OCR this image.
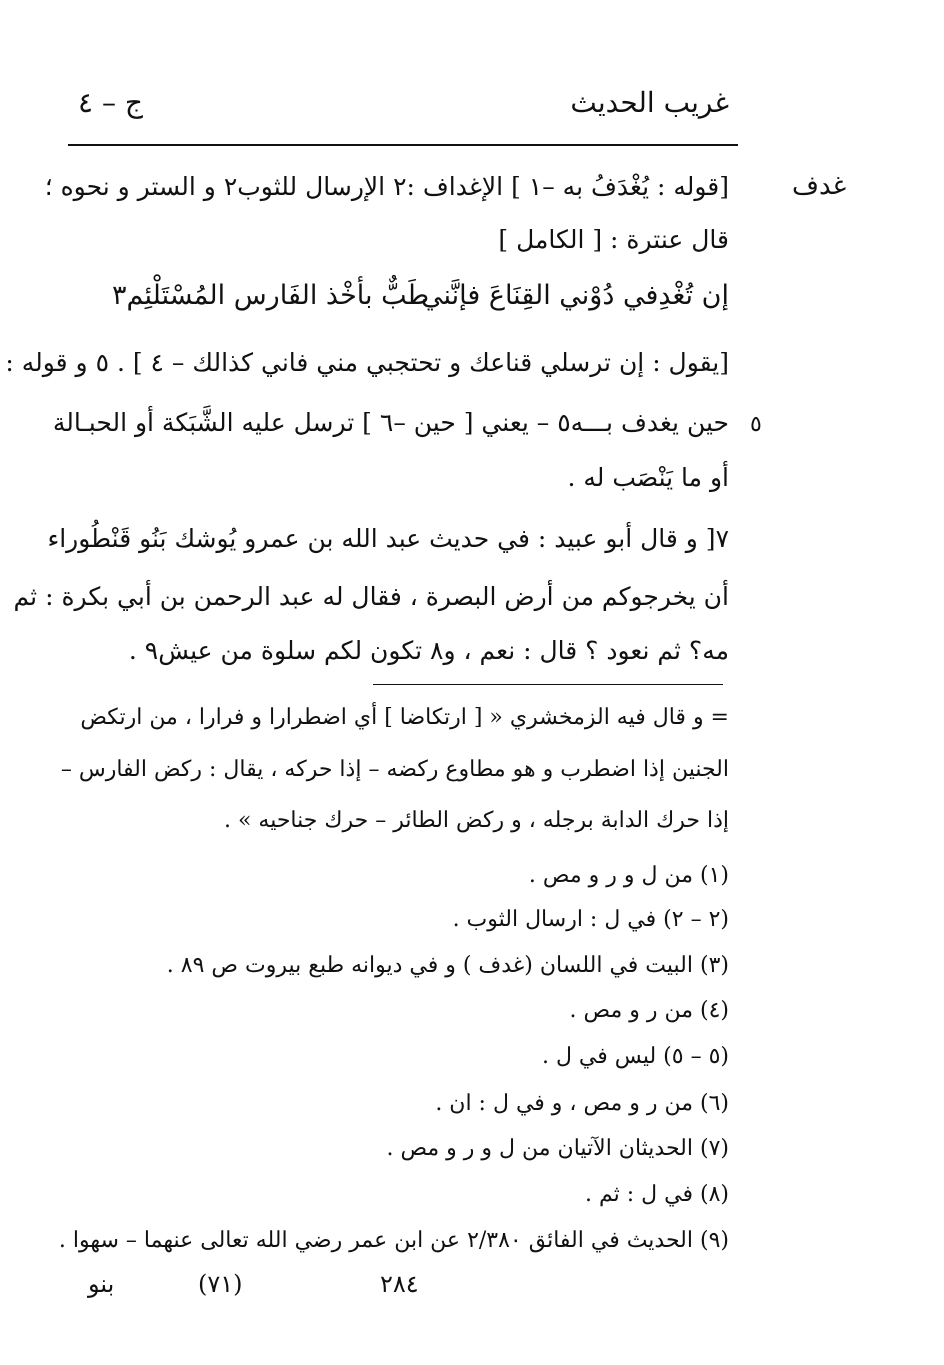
غريب الحديث
ج – ٤
غدف
٥
[قوله : يُغْدَفُ به –١ ] الإغداف :٢ الإرسال للثوب٢ و الستر و نحوه ؛
قال عنترة : [ الكامل ]
إن تُغْدِفي دُوْني القِنَاعَ فإنَّني
طَبٌّ بأخْذ الفَارس المُسْتَلْئِم٣
[يقول : إن ترسلي قناعك و تحتجبي مني فاني كذالك – ٤ ] . ٥ و قوله :
حين يغدف بـــه٥ – يعني [ حين –٦ ] ترسل عليه الشَّبَكة أو الحبـالة
أو ما يَنْصَب له .
٧[ و قال أبو عبيد : في حديث عبد الله بن عمرو يُوشك بَنُو قَنْطُوراء
أن يخرجوكم من أرض البصرة ، فقال له عبد الرحمن بن أبي بكرة : ثم
مه؟ ثم نعود ؟ قال : نعم ، و٨ تكون لكم سلوة من عيش٩ .
= و قال فيه الزمخشري « [ ارتكاضا ] أي اضطرارا و فرارا ، من ارتكض
الجنين إذا اضطرب و هو مطاوع ركضه – إذا حركه ، يقال : ركض الفارس –
إذا حرك الدابة برجله ، و ركض الطائر – حرك جناحيه » .
(١) من ل و ر و مص .
(٢ – ٢) في ل : ارسال الثوب .
(٣) البيت في اللسان (غدف ) و في ديوانه طبع بيروت ص ٨٩ .
(٤) من ر و مص .
(٥ – ٥) ليس في ل .
(٦) من ر و مص ، و في ل : ان .
(٧) الحديثان الآتيان من ل و ر و مص .
(٨) في ل : ثم .
(٩) الحديث في الفائق ٢/٣٨٠ عن ابن عمر رضي الله تعالى عنهما – سهوا .
٢٨٤
(٧١)
بنو
